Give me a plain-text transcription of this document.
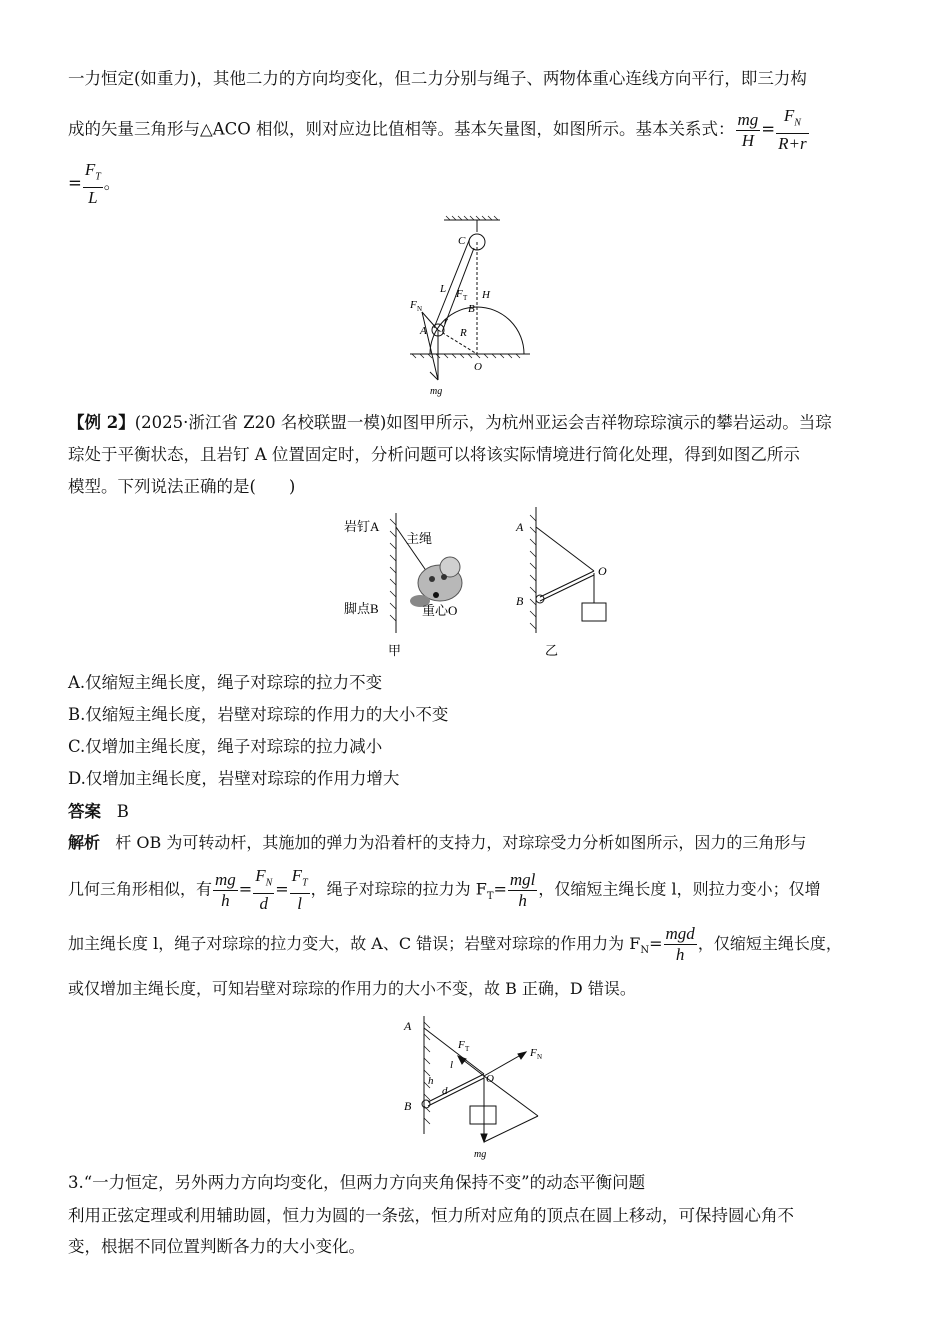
一力恒定(如重力)，其他二力的方向均变化，但二力分别与绳子、两物体重心连线方向平行，即三力构
成的矢量三角形与△ACO 相似，则对应边比值相等。基本矢量图，如图所示。基本关系式： $\frac{mg}{H} = \frac{F_N}{R+r}$
= $\frac{F_T}{L}$ 。
C
L F T H
B
F N
A
r
R
O
mg
【例 2】(2025·浙江省 Z20 名校联盟一模)如图甲所示，为杭州亚运会吉祥物琮琮演示的攀岩运动。当琮
琮处于平衡状态，且岩钉 A 位置固定时，分析问题可以将该实际情境进行简化处理，得到如图乙所示
模型。下列说法正确的是(　　)
岩钉A
主绳
脚点B	重心O
甲
A
O
B
乙
A.仅缩短主绳长度，绳子对琮琮的拉力不变
B.仅缩短主绳长度，岩壁对琮琮的作用力的大小不变
C.仅增加主绳长度，绳子对琮琮的拉力减小
D.仅增加主绳长度，岩壁对琮琮的作用力增大
答案 B
解析 杆 OB 为可转动杆，其施加的弹力为沿着杆的支持力，对琮琮受力分析如图所示，因力的三角形与
几何三角形相似，有 $\frac{mg}{h} = \frac{F_N}{d} = \frac{F_T}{l}$ ，绳子对琮琮的拉力为 $F_T= \frac{\text{mgl}}{h}$ ，仅缩短主绳长度 l，则拉力变小；仅增
加主绳长度 l，绳子对琮琮的拉力变大，故 A、C 错误；岩壁对琮琮的作用力为 $F_N= \frac{\text{mgd}}{h}$ ，仅缩短主绳长度，
或仅增加主绳长度，可知岩壁对琮琮的作用力的大小不变，故 B 正确，D 错误。
A
F T	F N
l
h
d
O
B
mg
3.“一力恒定，另外两力方向均变化，但两力方向夹角保持不变”的动态平衡问题
利用正弦定理或利用辅助圆，恒力为圆的一条弦，恒力所对应角的顶点在圆上移动，可保持圆心角不
变，根据不同位置判断各力的大小变化。
